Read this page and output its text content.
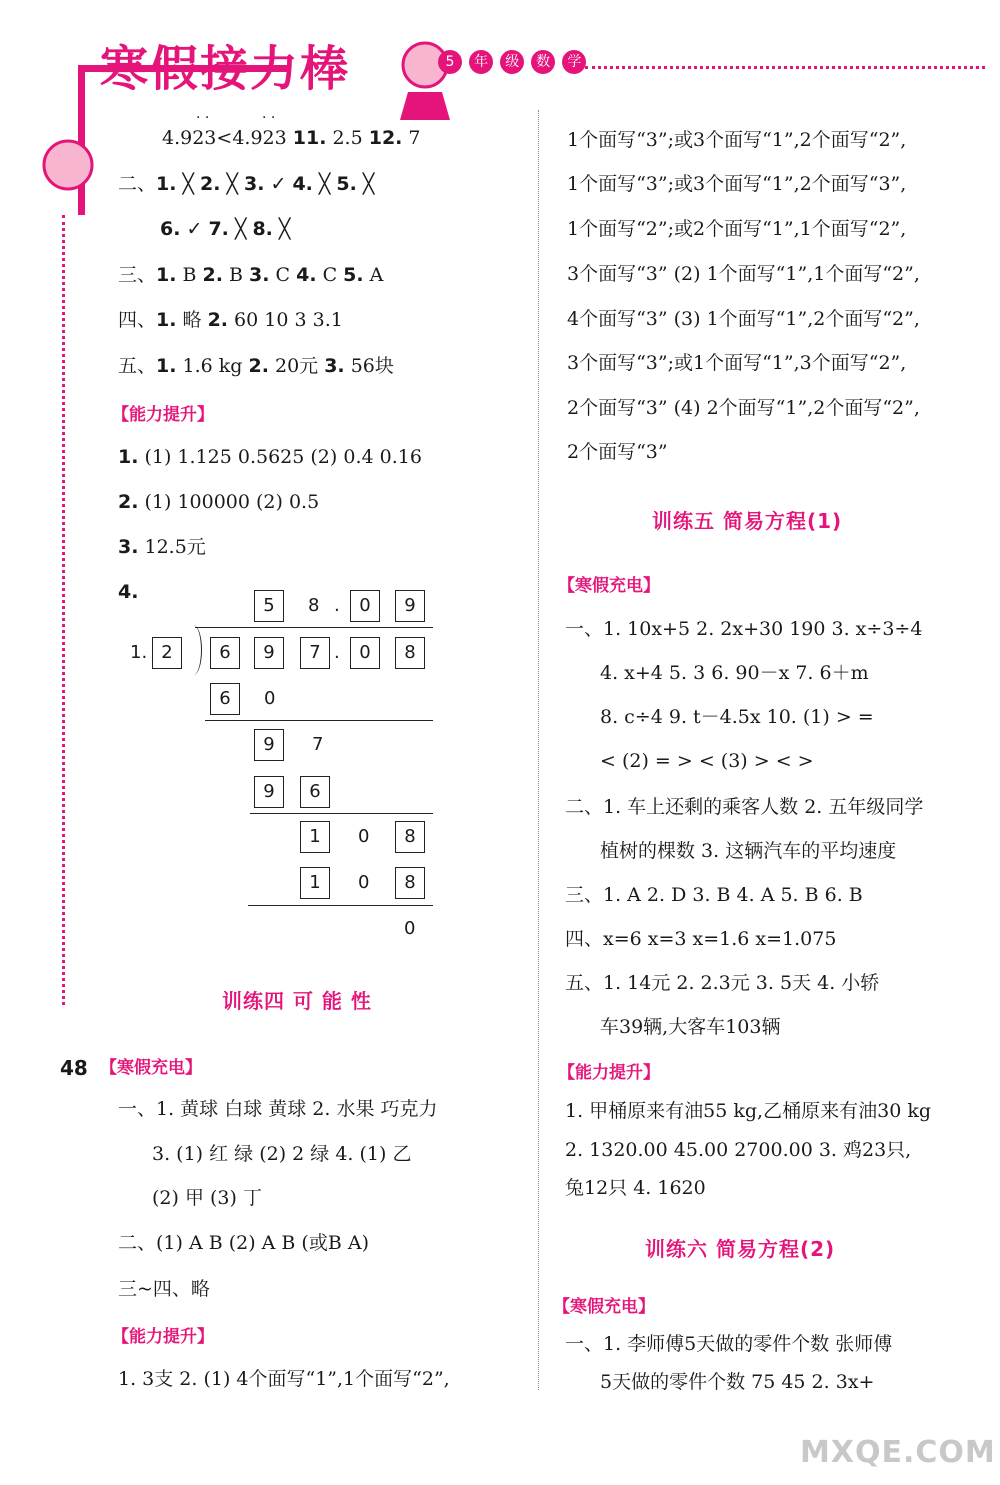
寒假接力棒	5 年 级 数 学
48
· ·	· ·
4.923<4.923 11. 2.5 12. 7
二、1. ╳ 2. ╳ 3. ✓ 4. ╳ 5. ╳
6. ✓ 7. ╳ 8. ╳
三、1. B 2. B 3. C 4. C 5. A
四、1. 略 2. 60 10 3 3.1
五、1. 1.6 kg 2. 20元 3. 56块
【能力提升】
1. (1) 1.125 0.5625 (2) 0.4 0.16
2. (1) 100000 (2) 0.5
3. 12.5元
4.
5	8 .	0	9
1. 2	6	9	7 .	0	8
6	0
9	7
9	6
1	0	8
1	0	8
0
训练四 可 能 性
【寒假充电】
一、1. 黄球 白球 黄球 2. 水果 巧克力
3. (1) 红 绿 (2) 2 绿 4. (1) 乙
(2) 甲 (3) 丁
二、(1) A B (2) A B (或B A)
三~四、略
【能力提升】
1. 3支 2. (1) 4个面写“1”,1个面写“2”,
1个面写“3”;或3个面写“1”,2个面写“2”,
1个面写“3”;或3个面写“1”,2个面写“3”,
1个面写“2”;或2个面写“1”,1个面写“2”,
3个面写“3” (2) 1个面写“1”,1个面写“2”,
4个面写“3” (3) 1个面写“1”,2个面写“2”,
3个面写“3”;或1个面写“1”,3个面写“2”,
2个面写“3” (4) 2个面写“1”,2个面写“2”,
2个面写“3”
训练五 简易方程(1)
【寒假充电】
一、1. 10x+5 2. 2x+30 190 3. x÷3÷4
4. x+4 5. 3 6. 90－x 7. 6＋m
8. c÷4 9. t－4.5x 10. (1) > =
< (2) = > < (3) > < >
二、1. 车上还剩的乘客人数 2. 五年级同学
植树的棵数 3. 这辆汽车的平均速度
三、1. A 2. D 3. B 4. A 5. B 6. B
四、x=6 x=3 x=1.6 x=1.075
五、1. 14元 2. 2.3元 3. 5天 4. 小轿
车39辆,大客车103辆
【能力提升】
1. 甲桶原来有油55 kg,乙桶原来有油30 kg
2. 1320.00 45.00 2700.00 3. 鸡23只,
兔12只 4. 1620
训练六 简易方程(2)
【寒假充电】
一、1. 李师傅5天做的零件个数 张师傅
5天做的零件个数 75 45 2. 3x+
MXQE.COM
